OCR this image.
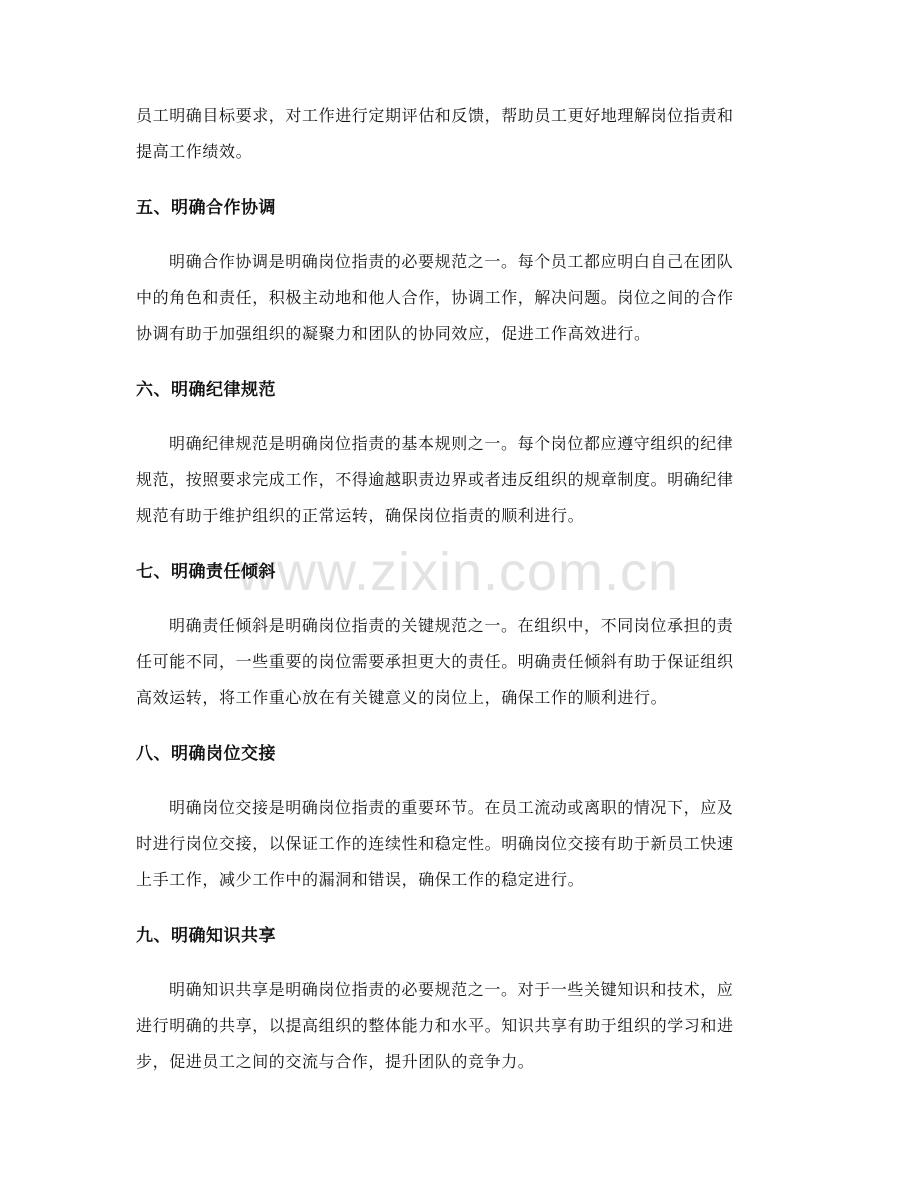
www.zixin.com.cn
员工明确目标要求，对工作进行定期评估和反馈，帮助员工更好地理解岗位指责和
提高工作绩效。
五、明确合作协调
明确合作协调是明确岗位指责的必要规范之一。每个员工都应明白自己在团队
中的角色和责任，积极主动地和他人合作，协调工作，解决问题。岗位之间的合作
协调有助于加强组织的凝聚力和团队的协同效应，促进工作高效进行。
六、明确纪律规范
明确纪律规范是明确岗位指责的基本规则之一。每个岗位都应遵守组织的纪律
规范，按照要求完成工作，不得逾越职责边界或者违反组织的规章制度。明确纪律
规范有助于维护组织的正常运转，确保岗位指责的顺利进行。
七、明确责任倾斜
明确责任倾斜是明确岗位指责的关键规范之一。在组织中，不同岗位承担的责
任可能不同，一些重要的岗位需要承担更大的责任。明确责任倾斜有助于保证组织
高效运转，将工作重心放在有关键意义的岗位上，确保工作的顺利进行。
八、明确岗位交接
明确岗位交接是明确岗位指责的重要环节。在员工流动或离职的情况下，应及
时进行岗位交接，以保证工作的连续性和稳定性。明确岗位交接有助于新员工快速
上手工作，减少工作中的漏洞和错误，确保工作的稳定进行。
九、明确知识共享
明确知识共享是明确岗位指责的必要规范之一。对于一些关键知识和技术，应
进行明确的共享，以提高组织的整体能力和水平。知识共享有助于组织的学习和进
步，促进员工之间的交流与合作，提升团队的竞争力。
